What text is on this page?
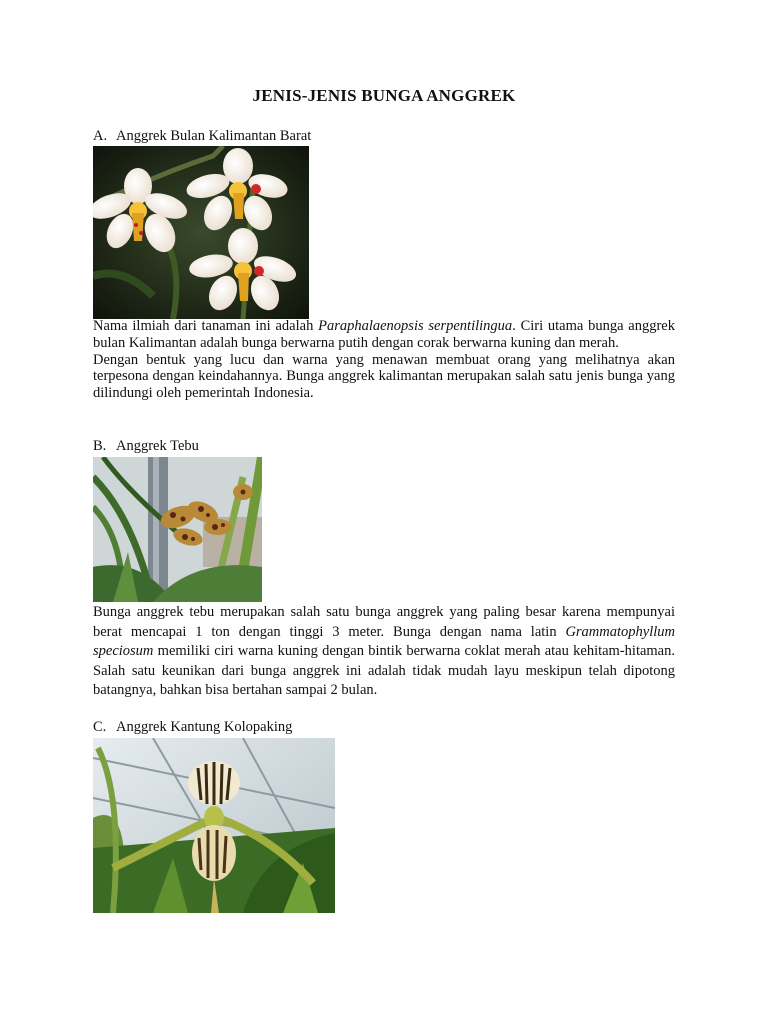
JENIS-JENIS BUNGA ANGGREK
A. Anggrek Bulan Kalimantan Barat

Nama ilmiah dari tanaman ini adalah Paraphalaenopsis serpentilingua. Ciri utama bunga anggrek bulan Kalimantan adalah bunga berwarna putih dengan corak berwarna kuning dan merah.

Dengan bentuk yang lucu dan warna yang menawan membuat orang yang melihatnya akan terpesona dengan keindahannya. Bunga anggrek kalimantan merupakan salah satu jenis bunga yang dilindungi oleh pemerintah Indonesia.

B. Anggrek Tebu

Bunga anggrek tebu merupakan salah satu bunga anggrek yang paling besar karena mempunyai berat mencapai 1 ton dengan tinggi 3 meter. Bunga dengan nama latin Grammatophyllum speciosum memiliki ciri warna kuning dengan bintik berwarna coklat merah atau kehitam-hitaman. Salah satu keunikan dari bunga anggrek ini adalah tidak mudah layu meskipun telah dipotong batangnya, bahkan bisa bertahan sampai 2 bulan.

C. Anggrek Kantung Kolopaking
